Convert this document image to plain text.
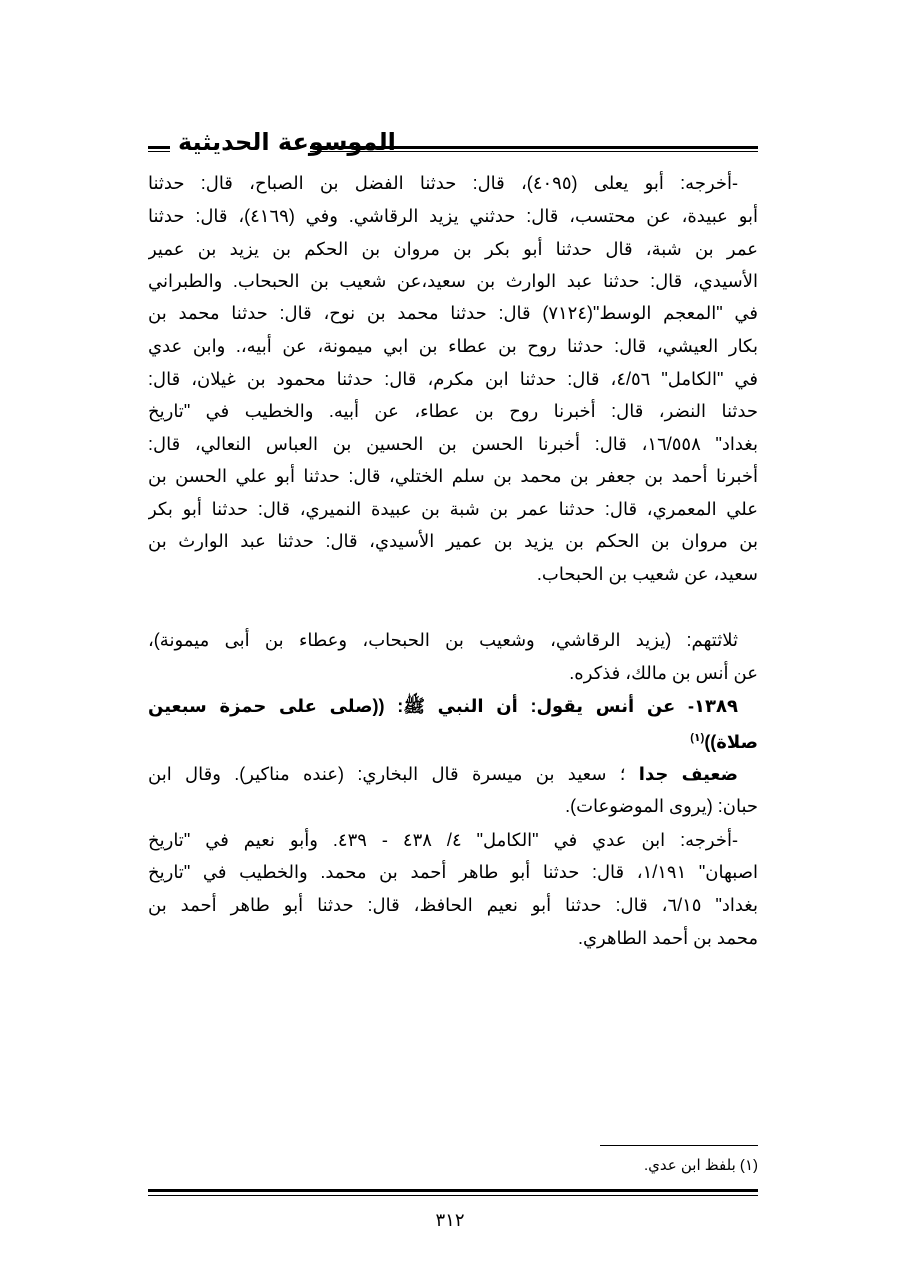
الموسوعة الحديثية
-أخرجه: أبو يعلى (٤٠٩٥)، قال: حدثنا الفضل بن الصباح، قال: حدثنا
أبو عبيدة، عن محتسب، قال: حدثني يزيد الرقاشي. وفي (٤١٦٩)، قال: حدثنا
عمر بن شبة، قال حدثنا أبو بكر بن مروان بن الحكم بن يزيد بن عمير
الأسيدي، قال: حدثنا عبد الوارث بن سعيد،عن شعيب بن الحبحاب. والطبراني
في "المعجم الوسط"(٧١٢٤) قال: حدثنا محمد بن نوح، قال: حدثنا محمد بن
بكار العيشي، قال: حدثنا روح بن عطاء بن ابي ميمونة، عن أبيه،. وابن عدي
في "الكامل" ٤/٥٦، قال: حدثنا ابن مكرم، قال: حدثنا محمود بن غيلان، قال:
حدثنا النضر، قال: أخبرنا روح بن عطاء، عن أبيه. والخطيب في "تاريخ
بغداد" ١٦/٥٥٨، قال: أخبرنا الحسن بن الحسين بن العباس النعالي، قال:
أخبرنا أحمد بن جعفر بن محمد بن سلم الختلي، قال: حدثنا أبو علي الحسن بن
علي المعمري، قال: حدثنا عمر بن شبة بن عبيدة النميري، قال: حدثنا أبو بكر
بن مروان بن الحكم بن يزيد بن عمير الأسيدي، قال: حدثنا عبد الوارث بن
سعيد، عن شعيب بن الحبحاب.
ثلاثتهم: (يزيد الرقاشي، وشعيب بن الحبحاب، وعطاء بن أبى ميمونة)،
عن أنس بن مالك، فذكره.
١٣٨٩- عن أنس يقول: أن النبي ﷺ: ((صلى على حمزة سبعين
صلاة))$^{(١)}$
ضعيف جدا ؛ سعيد بن ميسرة قال البخاري: (عنده مناكير). وقال ابن
حبان: (يروى الموضوعات).
-أخرجه: ابن عدي في "الكامل" ٤/ ٤٣٨ - ٤٣٩. وأبو نعيم في "تاريخ
اصبهان" ١/١٩١، قال: حدثنا أبو طاهر أحمد بن محمد. والخطيب في "تاريخ
بغداد" ٦/١٥، قال: حدثنا أبو نعيم الحافظ، قال: حدثنا أبو طاهر أحمد بن
محمد بن أحمد الطاهري.
(١) بلفظ ابن عدي.
٣١٢
